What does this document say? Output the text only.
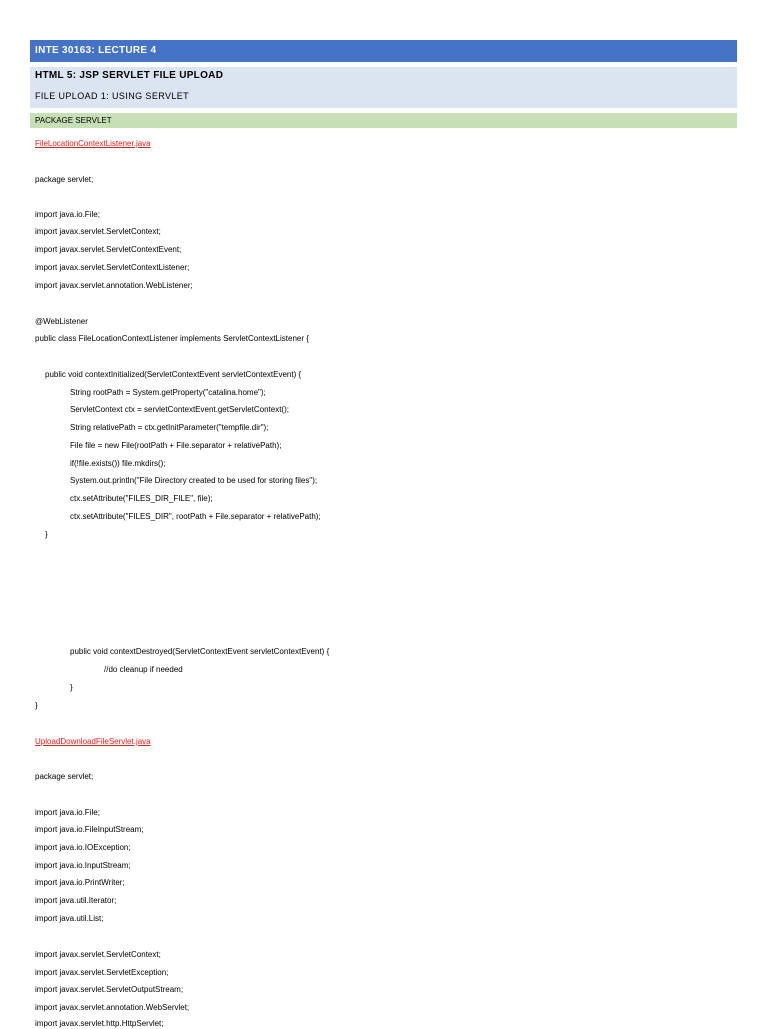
INTE 30163: LECTURE 4
HTML 5: JSP SERVLET FILE UPLOAD
FILE UPLOAD 1: USING SERVLET
PACKAGE SERVLET
FileLocationContextListener.java
package servlet;
import java.io.File;
import javax.servlet.ServletContext;
import javax.servlet.ServletContextEvent;
import javax.servlet.ServletContextListener;
import javax.servlet.annotation.WebListener;
@WebListener
public class FileLocationContextListener implements ServletContextListener {
public void contextInitialized(ServletContextEvent servletContextEvent) {
String rootPath = System.getProperty("catalina.home");
ServletContext ctx = servletContextEvent.getServletContext();
String relativePath = ctx.getInitParameter("tempfile.dir");
File file = new File(rootPath + File.separator + relativePath);
if(!file.exists()) file.mkdirs();
System.out.println("File Directory created to be used for storing files");
ctx.setAttribute("FILES_DIR_FILE", file);
ctx.setAttribute("FILES_DIR", rootPath + File.separator + relativePath);
}
public void contextDestroyed(ServletContextEvent servletContextEvent) {
//do cleanup if needed
}
}
UploadDownloadFileServlet.java
package servlet;
import java.io.File;
import java.io.FileInputStream;
import java.io.IOException;
import java.io.InputStream;
import java.io.PrintWriter;
import java.util.Iterator;
import java.util.List;
import javax.servlet.ServletContext;
import javax.servlet.ServletException;
import javax.servlet.ServletOutputStream;
import javax.servlet.annotation.WebServlet;
import javax.servlet.http.HttpServlet;
